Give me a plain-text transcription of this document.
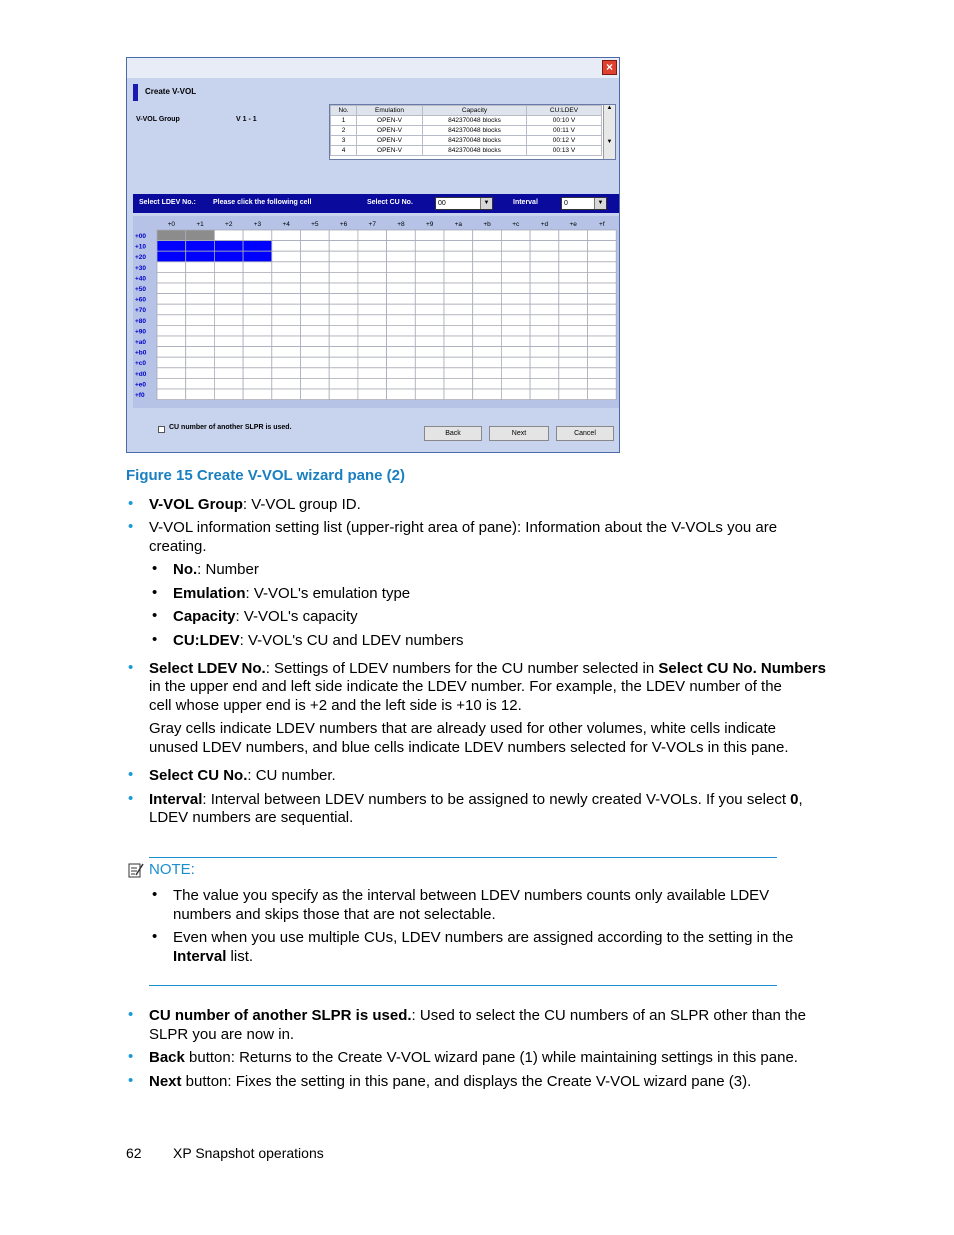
×
Create V-VOL
V-VOL Group	V 1 - 1
No.	Emulation	Capacity	CU:LDEV
1	OPEN-V	842370048 blocks	00:10 V
2	OPEN-V	842370048 blocks	00:11 V
3	OPEN-V	842370048 blocks	00:12 V
4	OPEN-V	842370048 blocks	00:13 V
▲
▼
Select LDEV No.: Please click the following cell	Select CU No.	00	▼	Interval	0	▼
+0	+1	+2	+3	+4	+5	+6	+7	+8	+9	+a	+b	+c	+d	+e	+f
+00
+10
+20
+30
+40
+50
+60
+70
+80
+90
+a0
+b0
+c0
+d0
+e0
+f0
CU number of another SLPR is used.
Back	Next	Cancel
Figure 15 Create V-VOL wizard pane (2)
• V-VOL Group: V-VOL group ID.
• V-VOL information setting list (upper-right area of pane): Information about the V-VOLs you are
creating.
• No.: Number
• Emulation: V-VOL's emulation type
• Capacity: V-VOL's capacity
• CU:LDEV: V-VOL's CU and LDEV numbers
• Select LDEV No.: Settings of LDEV numbers for the CU number selected in Select CU No. Numbers
in the upper end and left side indicate the LDEV number. For example, the LDEV number of the
cell whose upper end is +2 and the left side is +10 is 12.
Gray cells indicate LDEV numbers that are already used for other volumes, white cells indicate
unused LDEV numbers, and blue cells indicate LDEV numbers selected for V-VOLs in this pane.
• Select CU No.: CU number.
• Interval: Interval between LDEV numbers to be assigned to newly created V-VOLs. If you select 0,
LDEV numbers are sequential.
NOTE:
• The value you specify as the interval between LDEV numbers counts only available LDEV
numbers and skips those that are not selectable.
• Even when you use multiple CUs, LDEV numbers are assigned according to the setting in the
Interval list.
• CU number of another SLPR is used.: Used to select the CU numbers of an SLPR other than the
SLPR you are now in.
• Back button: Returns to the Create V-VOL wizard pane (1) while maintaining settings in this pane.
• Next button: Fixes the setting in this pane, and displays the Create V-VOL wizard pane (3).
62 XP Snapshot operations
